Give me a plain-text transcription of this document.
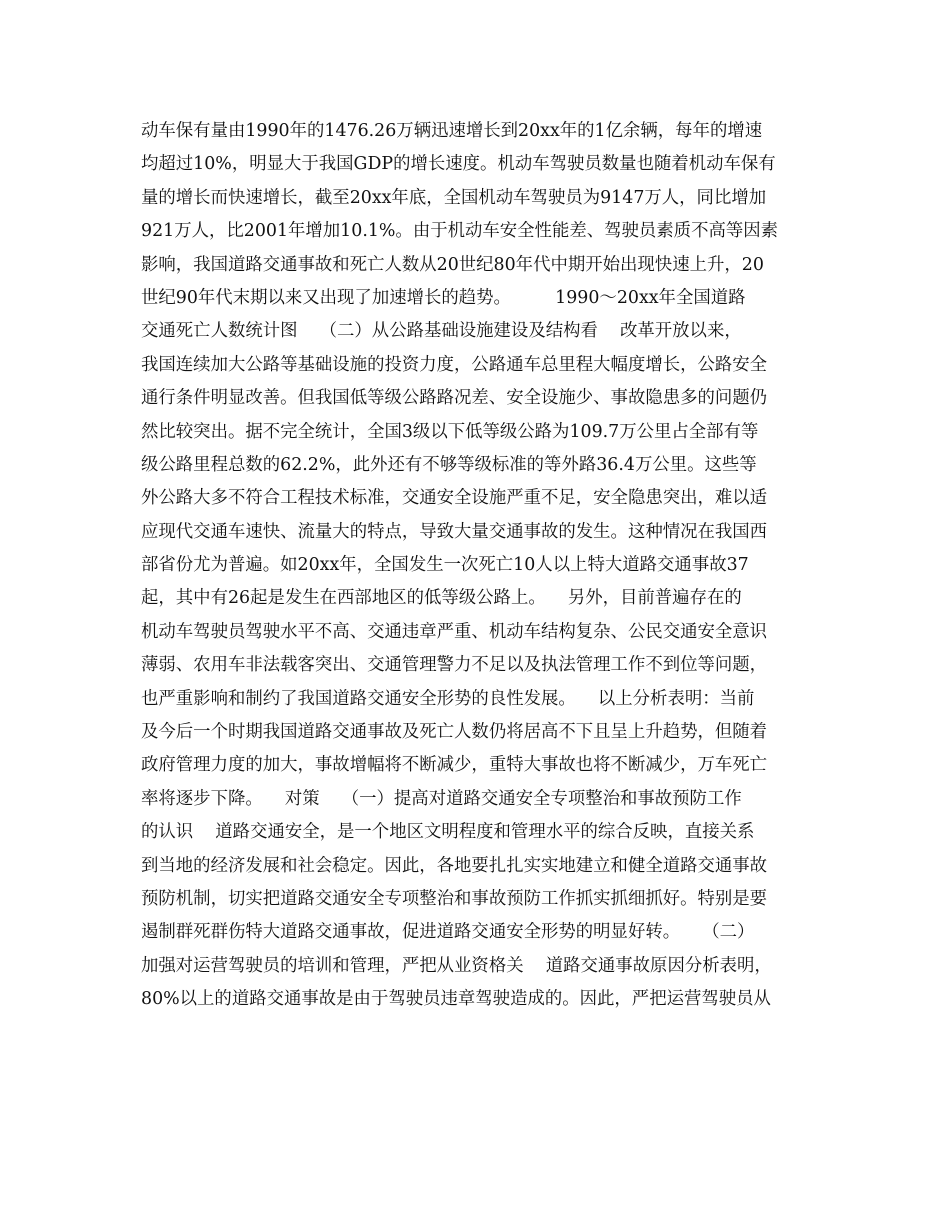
动车保有量由1990年的1476.26万辆迅速增长到20xx年的1亿余辆，每年的增速
均超过10%，明显大于我国GDP的增长速度。机动车驾驶员数量也随着机动车保有
量的增长而快速增长，截至20xx年底，全国机动车驾驶员为9147万人，同比增加
921万人，比2001年增加10.1%。由于机动车安全性能差、驾驶员素质不高等因素
影响，我国道路交通事故和死亡人数从20世纪80年代中期开始出现快速上升，20
世纪90年代末期以来又出现了加速增长的趋势。        1990～20xx年全国道路
交通死亡人数统计图    （二）从公路基础设施建设及结构看    改革开放以来，
我国连续加大公路等基础设施的投资力度，公路通车总里程大幅度增长，公路安全
通行条件明显改善。但我国低等级公路路况差、安全设施少、事故隐患多的问题仍
然比较突出。据不完全统计，全国3级以下低等级公路为109.7万公里占全部有等
级公路里程总数的62.2%，此外还有不够等级标准的等外路36.4万公里。这些等
外公路大多不符合工程技术标准，交通安全设施严重不足，安全隐患突出，难以适
应现代交通车速快、流量大的特点，导致大量交通事故的发生。这种情况在我国西
部省份尤为普遍。如20xx年，全国发生一次死亡10人以上特大道路交通事故37
起，其中有26起是发生在西部地区的低等级公路上。    另外，目前普遍存在的
机动车驾驶员驾驶水平不高、交通违章严重、机动车结构复杂、公民交通安全意识
薄弱、农用车非法载客突出、交通管理警力不足以及执法管理工作不到位等问题，
也严重影响和制约了我国道路交通安全形势的良性发展。    以上分析表明：当前
及今后一个时期我国道路交通事故及死亡人数仍将居高不下且呈上升趋势，但随着
政府管理力度的加大，事故增幅将不断减少，重特大事故也将不断减少，万车死亡
率将逐步下降。    对策    （一）提高对道路交通安全专项整治和事故预防工作
的认识    道路交通安全，是一个地区文明程度和管理水平的综合反映，直接关系
到当地的经济发展和社会稳定。因此，各地要扎扎实实地建立和健全道路交通事故
预防机制，切实把道路交通安全专项整治和事故预防工作抓实抓细抓好。特别是要
遏制群死群伤特大道路交通事故，促进道路交通安全形势的明显好转。    （二）
加强对运营驾驶员的培训和管理，严把从业资格关    道路交通事故原因分析表明，
80%以上的道路交通事故是由于驾驶员违章驾驶造成的。因此，严把运营驾驶员从
